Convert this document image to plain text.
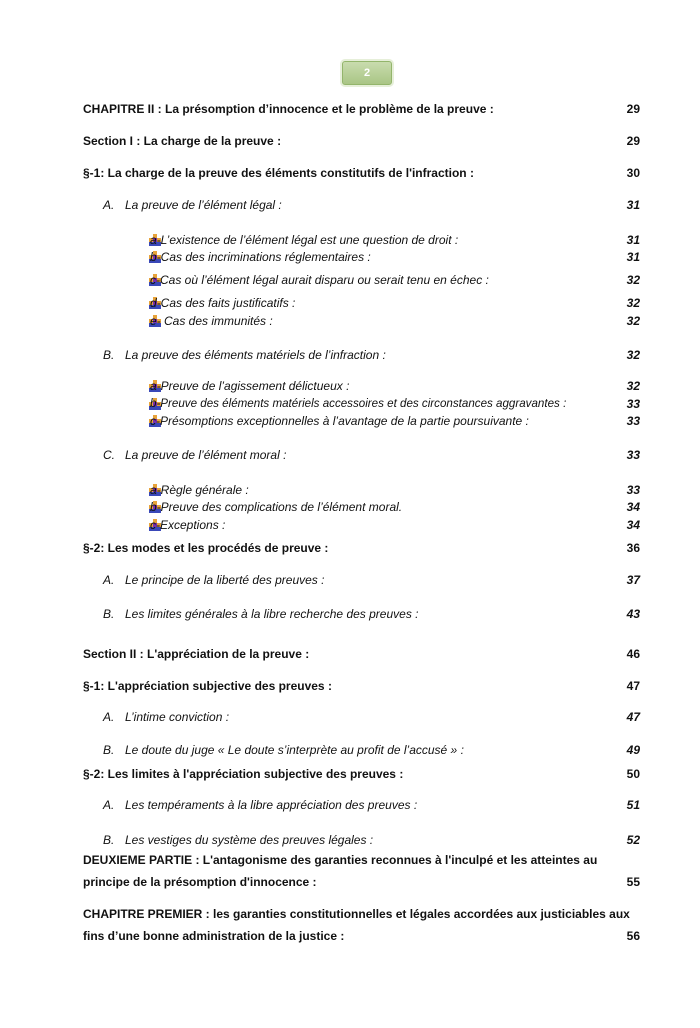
2
CHAPITRE II : La présomption d’innocence et le problème de la preuve :	29
Section I : La charge de la preuve :	29
§-1: La charge de la preuve des éléments constitutifs de l'infraction :	30
A. La preuve de l’élément légal :	31
a-L’existence de l’élément légal est une question de droit :	31
b-Cas des incriminations réglementaires :	31
c-Cas où l’élément légal aurait disparu ou serait tenu en échec :	32
d-Cas des faits justificatifs :	32
e- Cas des immunités :	32
B. La preuve des éléments matériels de l’infraction :	32
a-Preuve de l’agissement délictueux :	32
b-Preuve des éléments matériels accessoires et des circonstances aggravantes :	33
c-Présomptions exceptionnelles à l’avantage de la partie poursuivante :	33
C. La preuve de l’élément moral :	33
a-Règle générale :	33
b-Preuve des complications de l’élément moral.	34
c-Exceptions :	34
§-2: Les modes et les procédés de preuve :	36
A. Le principe de la liberté des preuves :	37
B. Les limites générales à la libre recherche des preuves :	43
Section II : L'appréciation de la preuve :	46
§-1: L'appréciation subjective des preuves :	47
A. L’intime conviction :	47
B. Le doute du juge « Le doute s’interprète au profit de l’accusé » :	49
§-2: Les limites à l'appréciation subjective des preuves :	50
A. Les tempéraments à la libre appréciation des preuves :	51
B. Les vestiges du système des preuves légales :	52
DEUXIEME PARTIE : L'antagonisme des garanties reconnues à l'inculpé et les atteintes au
principe de la présomption d'innocence :	55
CHAPITRE PREMIER : les garanties constitutionnelles et légales accordées aux justiciables aux
fins d’une bonne administration de la justice :	56
